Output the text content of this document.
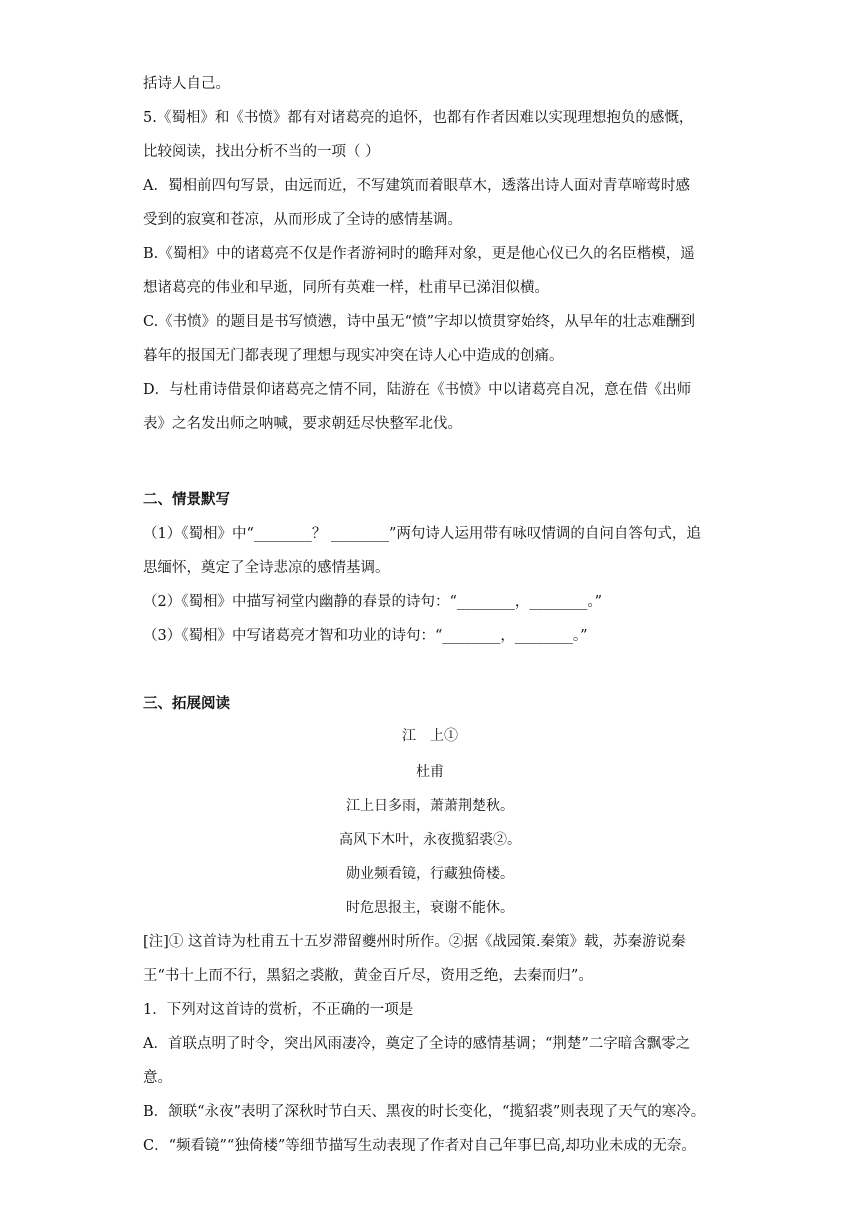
括诗人自己。
5.《蜀相》和《书愤》都有对诸葛亮的追怀，也都有作者因难以实现理想抱负的感慨，
比较阅读，找出分析不当的一项（ ）
A．蜀相前四句写景，由远而近，不写建筑而着眼草木，透落出诗人面对青草啼莺时感
受到的寂寞和苍凉，从而形成了全诗的感情基调。
B.《蜀相》中的诸葛亮不仅是作者游祠时的瞻拜对象，更是他心仪已久的名臣楷模，遥
想诸葛亮的伟业和早逝，同所有英难一样，杜甫早已涕泪似横。
C.《书愤》的题目是书写愤懑，诗中虽无“愤”字却以愤贯穿始终，从早年的壮志难酬到
暮年的报国无门都表现了理想与现实冲突在诗人心中造成的创痛。
D．与杜甫诗借景仰诸葛亮之情不同，陆游在《书愤》中以诸葛亮自况，意在借《出师
表》之名发出师之呐喊，要求朝廷尽快整军北伐。
二、情景默写
（1）《蜀相》中“________？ ________”两句诗人运用带有咏叹情调的自问自答句式，追
思缅怀，奠定了全诗悲凉的感情基调。
（2）《蜀相》中描写祠堂内幽静的春景的诗句：“________，________。”
（3）《蜀相》中写诸葛亮才智和功业的诗句：“________，________。”
三、拓展阅读
江　上①
杜甫
江上日多雨，萧萧荆楚秋。
高风下木叶，永夜揽貂裘②。
勋业频看镜，行藏独倚楼。
时危思报主，衰谢不能休。
[注]① 这首诗为杜甫五十五岁滞留夔州时所作。②据《战园策.秦策》载，苏秦游说秦
王“书十上而不行，黑貂之裘敝，黄金百斤尽，资用乏绝，去秦而归”。
1．下列对这首诗的赏析，不正确的一项是
A．首联点明了时令，突出风雨凄冷，奠定了全诗的感情基调；“荆楚”二字暗含飘零之
意。
B．颔联“永夜”表明了深秋时节白天、黑夜的时长变化，“揽貂裘”则表现了天气的寒冷。
C．“频看镜”“独倚楼”等细节描写生动表现了作者对自己年事巳高,却功业未成的无奈。
